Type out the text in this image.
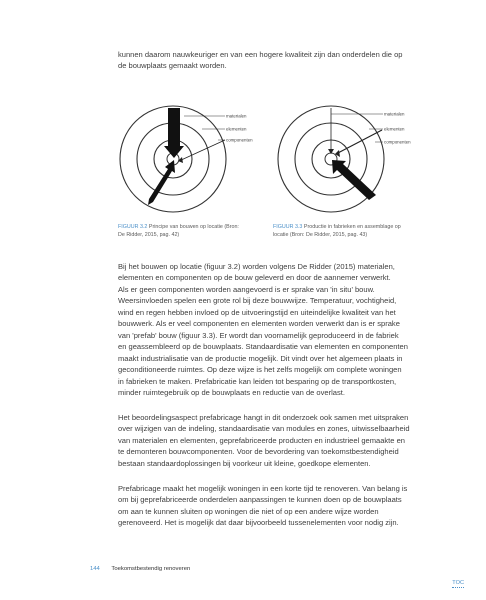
kunnen daarom nauwkeuriger en van een hogere kwaliteit zijn dan onderdelen die op
de bouwplaats gemaakt worden.

materialen
elementen
componenten
materialen
elementen
componenten

FIGUUR 3.2 Principe van bouwen op locatie (Bron:
De Ridder, 2015, pag. 42)

FIGUUR 3.3 Productie in fabrieken en assemblage op
locatie (Bron: De Ridder, 2015, pag. 43)

Bij het bouwen op locatie (figuur 3.2) worden volgens De Ridder (2015) materialen,
elementen en componenten op de bouw geleverd en door de aannemer verwerkt.
Als er geen componenten worden aangevoerd is er sprake van 'in situ' bouw.
Weersinvloeden spelen een grote rol bij deze bouwwijze. Temperatuur, vochtigheid,
wind en regen hebben invloed op de uitvoeringstijd en uiteindelijke kwaliteit van het
bouwwerk. Als er veel componenten en elementen worden verwerkt dan is er sprake
van 'prefab' bouw (figuur 3.3). Er wordt dan voornamelijk geproduceerd in de fabriek
en geassembleerd op de bouwplaats. Standaardisatie van elementen en componenten
maakt industrialisatie van de productie mogelijk. Dit vindt over het algemeen plaats in
geconditioneerde ruimtes. Op deze wijze is het zelfs mogelijk om complete woningen
in fabrieken te maken. Prefabricatie kan leiden tot besparing op de transportkosten,
minder ruimtegebruik op de bouwplaats en reductie van de overlast.

Het beoordelingsaspect prefabricage hangt in dit onderzoek ook samen met uitspraken
over wijzigen van de indeling, standaardisatie van modules en zones, uitwisselbaarheid
van materialen en elementen, geprefabriceerde producten en industrieel gemaakte en
te demonteren bouwcomponenten. Voor de bevordering van toekomstbestendigheid
bestaan standaardoplossingen bij voorkeur uit kleine, goedkope elementen.

Prefabricage maakt het mogelijk woningen in een korte tijd te renoveren. Van belang is
om bij geprefabriceerde onderdelen aanpassingen te kunnen doen op de bouwplaats
om aan te kunnen sluiten op woningen die niet of op een andere wijze worden
gerenoveerd. Het is mogelijk dat daar bijvoorbeeld tussenelementen voor nodig zijn.

144 Toekomstbestendig renoveren
TOC
